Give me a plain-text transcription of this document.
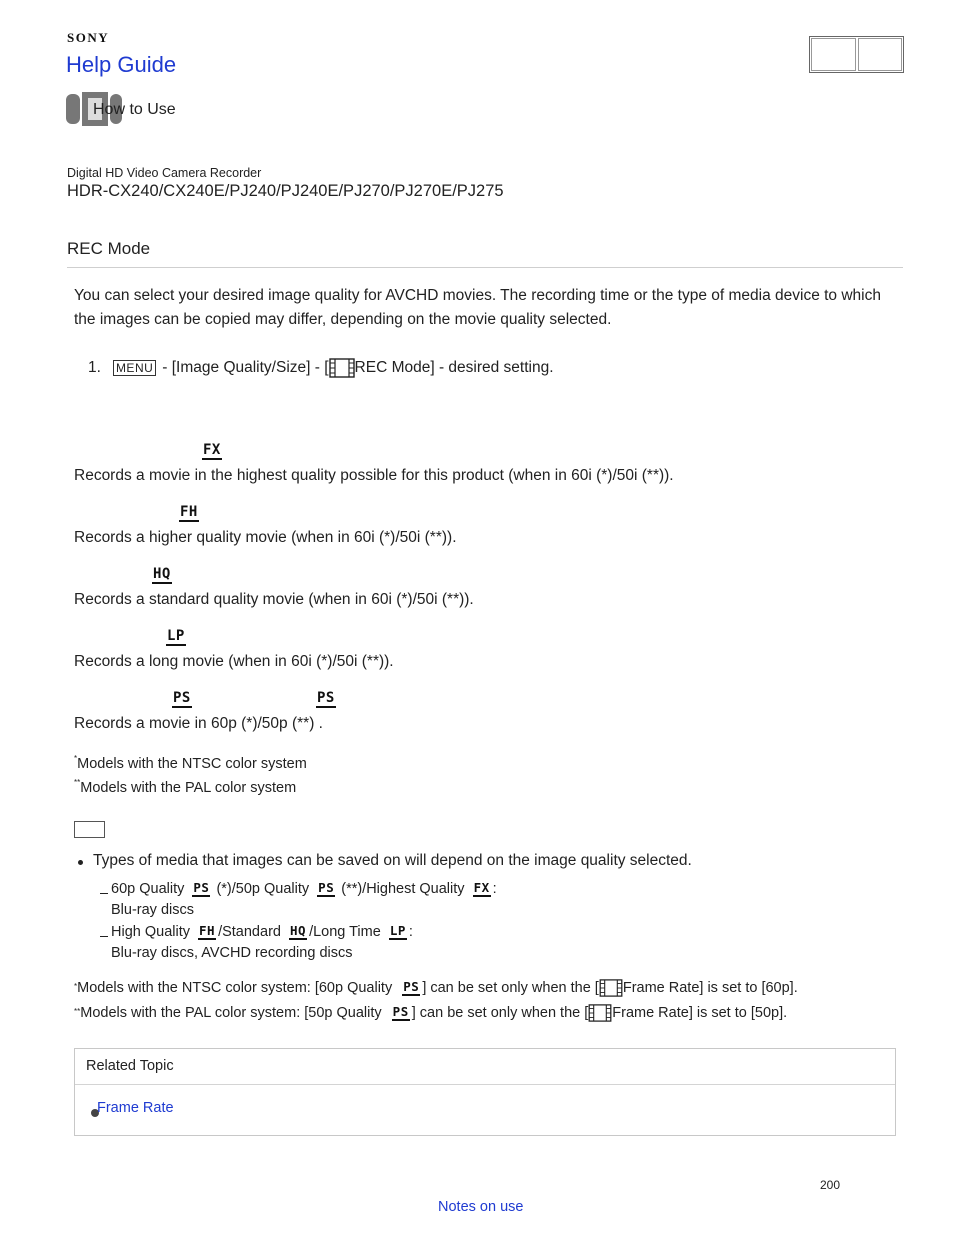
SONY
Help Guide
How to Use
Digital HD Video Camera Recorder
HDR-CX240/CX240E/PJ240/PJ240E/PJ270/PJ270E/PJ275
REC Mode
You can select your desired image quality for AVCHD movies. The recording time or the type of media device to which the images can be copied may differ, depending on the movie quality selected.
1. MENU - [Image Quality/Size] - [ REC Mode] - desired setting.
FX
Records a movie in the highest quality possible for this product (when in 60i (*)/50i (**)).
FH
Records a higher quality movie (when in 60i (*)/50i (**)).
HQ
Records a standard quality movie (when in 60i (*)/50i (**)).
LP
Records a long movie (when in 60i (*)/50i (**)).
PS	PS
Records a movie in 60p (*)/50p (**) .
*Models with the NTSC color system
**Models with the PAL color system
Types of media that images can be saved on will depend on the image quality selected.
60p Quality
PS (*)/50p Quality
PS (**)/Highest Quality
FX :
Blu-ray discs
High Quality
FH /Standard
HQ /Long Time
LP :
Blu-ray discs, AVCHD recording discs
* Models with the NTSC color system: [60p Quality
PS ] can be set only when the [ Frame Rate] is set to [60p].
** Models with the PAL color system: [50p Quality
PS ] can be set only when the [ Frame Rate] is set to [50p].
Related Topic
Frame Rate
200
Notes on use
